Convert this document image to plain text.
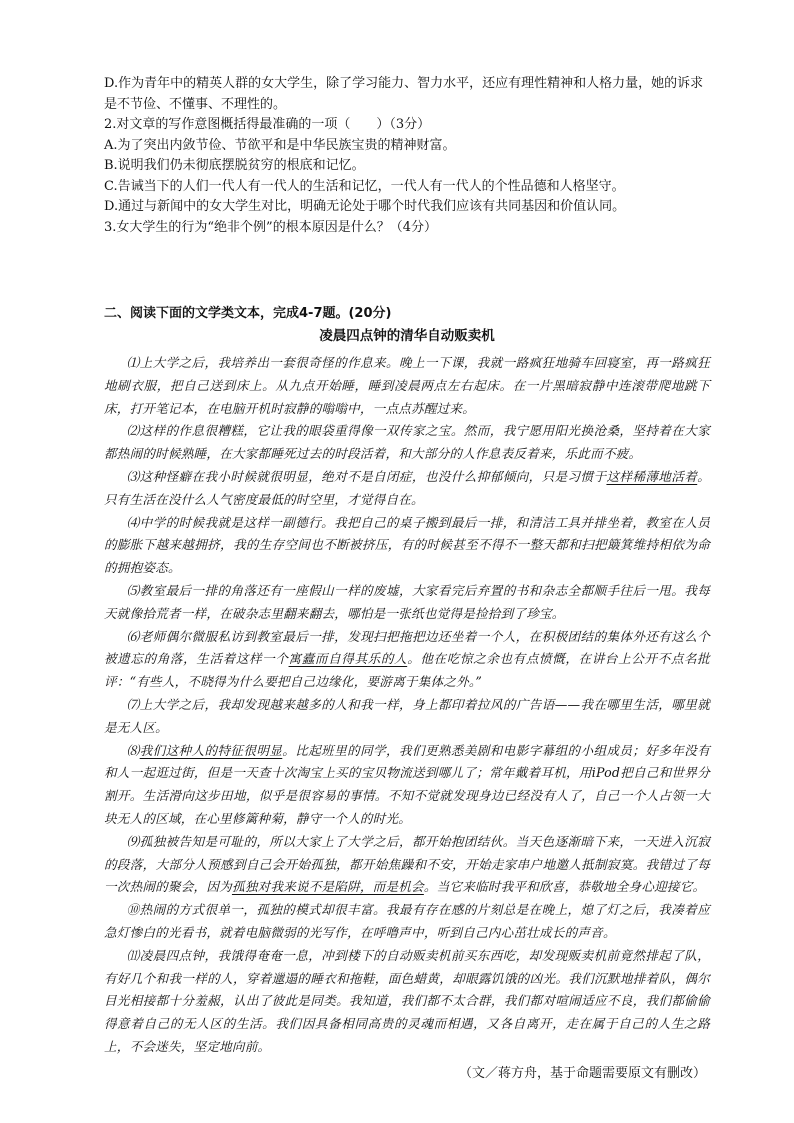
D.作为青年中的精英人群的女大学生，除了学习能力、智力水平，还应有理性精神和人格力量，她的诉求是不节俭、不懂事、不理性的。

2.对文章的写作意图概括得最准确的一项（　　）（3分）

A.为了突出内敛节俭、节欲平和是中华民族宝贵的精神财富。

B.说明我们仍未彻底摆脱贫穷的根底和记忆。

C.告诫当下的人们一代人有一代人的生活和记忆，一代人有一代人的个性品德和人格坚守。

D.通过与新闻中的女大学生对比，明确无论处于哪个时代我们应该有共同基因和价值认同。

3.女大学生的行为“绝非个例”的根本原因是什么？（4分）

二、阅读下面的文学类文本，完成4-7题。(20分)

凌晨四点钟的清华自动贩卖机

⑴上大学之后，我培养出一套很奇怪的作息来。晚上一下课，我就一路疯狂地骑车回寝室，再一路疯狂地刷衣服，把自己送到床上。从九点开始睡，睡到凌晨两点左右起床。在一片黑暗寂静中连滚带爬地跳下床，打开笔记本，在电脑开机时寂静的嗡嗡中，一点点苏醒过来。

⑵这样的作息很糟糕，它让我的眼袋重得像一双传家之宝。然而，我宁愿用阳光换沧桑，坚持着在大家都热闹的时候熟睡，在大家都睡死过去的时段活着，和大部分的人作息表反着来，乐此而不疲。

⑶这种怪癖在我小时候就很明显，绝对不是自闭症，也没什么抑郁倾向，只是习惯于这样稀薄地活着。只有生活在没什么人气密度最低的时空里，才觉得自在。

⑷中学的时候我就是这样一副德行。我把自己的桌子搬到最后一排，和清洁工具并排坐着，教室在人员的膨胀下越来越拥挤，我的生存空间也不断被挤压，有的时候甚至不得不一整天都和扫把簸箕维持相依为命的拥抱姿态。

⑸教室最后一排的角落还有一座假山一样的废墟，大家看完后弃置的书和杂志全都顺手往后一甩。我每天就像拾荒者一样，在破杂志里翻来翻去，哪怕是一张纸也觉得是捡拾到了珍宝。

⑹老师偶尔微服私访到教室最后一排，发现扫把拖把边还坐着一个人，在积极团结的集体外还有这么个被遗忘的角落，生活着这样一个寓蠹而自得其乐的人。他在吃惊之余也有点愤慨，在讲台上公开不点名批评：“有些人，不晓得为什么要把自己边缘化，要游离于集体之外。”

⑺上大学之后，我却发现越来越多的人和我一样，身上都印着拉风的广告语——我在哪里生活，哪里就是无人区。

⑻我们这种人的特征很明显。比起班里的同学，我们更熟悉美剧和电影字幕组的小组成员；好多年没有和人一起逛过街，但是一天查十次淘宝上买的宝贝物流送到哪儿了；常年戴着耳机，用iPod把自己和世界分割开。生活滑向这步田地，似乎是很容易的事情。不知不觉就发现身边已经没有人了，自己一个人占领一大块无人的区域，在心里修篱种菊，静守一个人的时光。

⑼孤独被告知是可耻的，所以大家上了大学之后，都开始抱团结伙。当天色逐渐暗下来，一天进入沉寂的段落，大部分人预感到自己会开始孤独，都开始焦躁和不安，开始走家串户地邀人抵制寂寞。我错过了每一次热闹的聚会，因为孤独对我来说不是陷阱，而是机会。当它来临时我平和欣喜，恭敬地全身心迎接它。

⑩热闹的方式很单一，孤独的模式却很丰富。我最有存在感的片刻总是在晚上，熄了灯之后，我凑着应急灯惨白的光看书，就着电脑微弱的光写作，在呼噜声中，听到自己内心茁壮成长的声音。

⑾凌晨四点钟，我饿得奄奄一息，冲到楼下的自动贩卖机前买东西吃，却发现贩卖机前竟然排起了队，有好几个和我一样的人，穿着邋遢的睡衣和拖鞋，面色蜡黄，却眼露饥饿的凶光。我们沉默地排着队，偶尔目光相接都十分羞赧，认出了彼此是同类。我知道，我们都不太合群，我们都对喧闹适应不良，我们都偷偷得意着自己的无人区的生活。我们因具备相同高贵的灵魂而相遇，又各自离开，走在属于自己的人生之路上，不会迷失，坚定地向前。

（文／蒋方舟，基于命题需要原文有删改）
